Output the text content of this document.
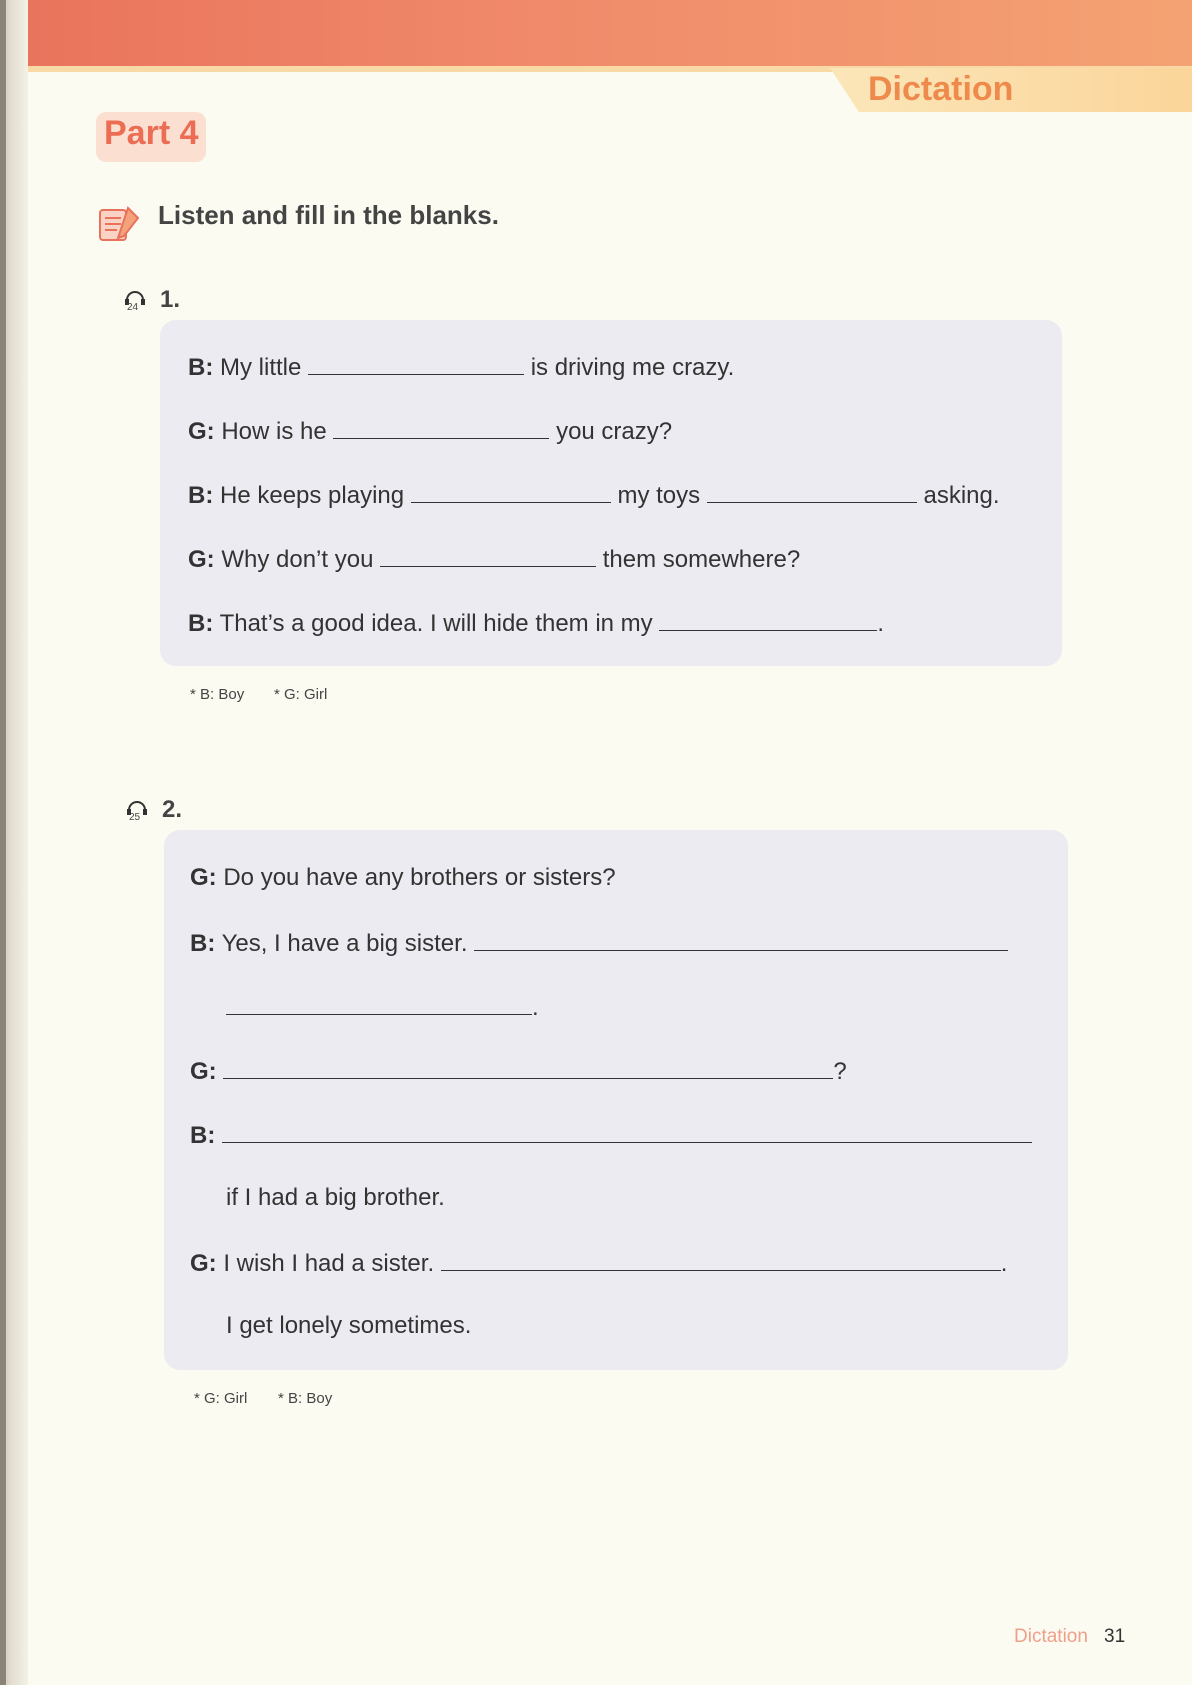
Dictation
Part 4
Listen and fill in the blanks.
24 1.
B: My little	is driving me crazy.
G: How is he	you crazy?
B: He keeps playing	my toys	asking.
G: Why don’t you	them somewhere?
B: That’s a good idea. I will hide them in my	.
* B: Boy * G: Girl
25 2.
G: Do you have any brothers or sisters?
B: Yes, I have a big sister.
.
G:	?
B:
if I had a big brother.
G: I wish I had a sister.	.
I get lonely sometimes.
* G: Girl * B: Boy
Dictation 31
